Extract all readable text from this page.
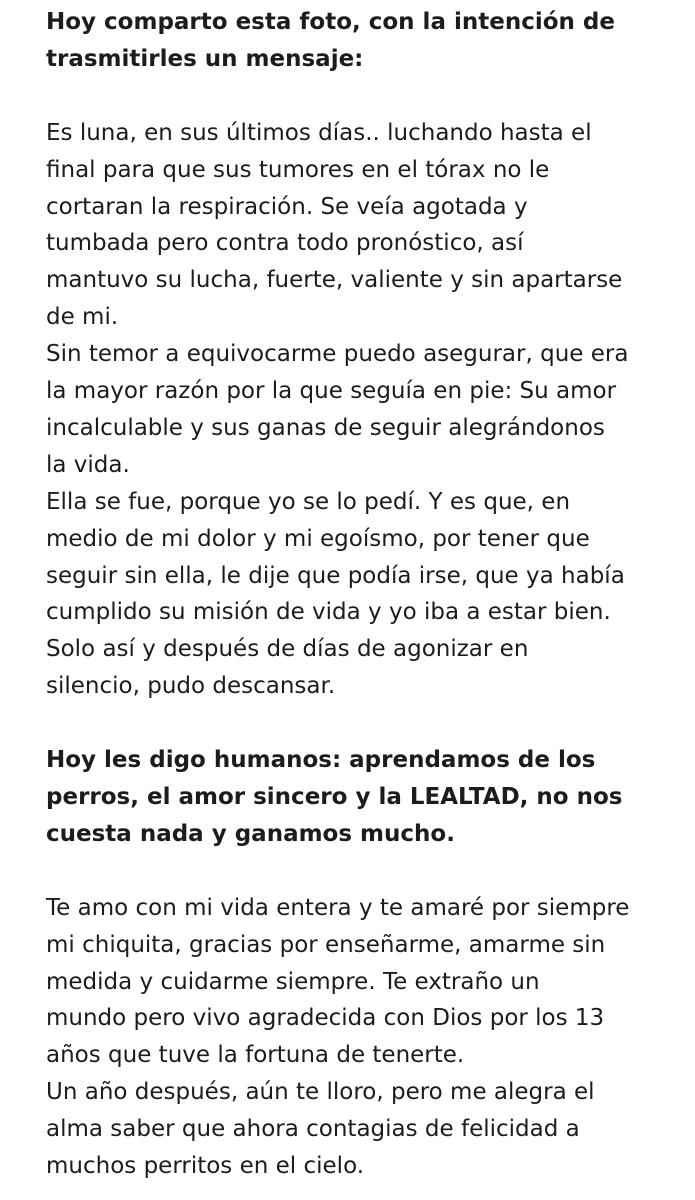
Hoy comparto esta foto, con la intención de
trasmitirles un mensaje:
Es luna, en sus últimos días.. luchando hasta el
final para que sus tumores en el tórax no le
cortaran la respiración. Se veía agotada y
tumbada pero contra todo pronóstico, así
mantuvo su lucha, fuerte, valiente y sin apartarse
de mi.
Sin temor a equivocarme puedo asegurar, que era
la mayor razón por la que seguía en pie: Su amor
incalculable y sus ganas de seguir alegrándonos
la vida.
Ella se fue, porque yo se lo pedí. Y es que, en
medio de mi dolor y mi egoísmo, por tener que
seguir sin ella, le dije que podía irse, que ya había
cumplido su misión de vida y yo iba a estar bien.
Solo así y después de días de agonizar en
silencio, pudo descansar.
Hoy les digo humanos: aprendamos de los
perros, el amor sincero y la LEALTAD, no nos
cuesta nada y ganamos mucho.
Te amo con mi vida entera y te amaré por siempre
mi chiquita, gracias por enseñarme, amarme sin
medida y cuidarme siempre. Te extraño un
mundo pero vivo agradecida con Dios por los 13
años que tuve la fortuna de tenerte.
Un año después, aún te lloro, pero me alegra el
alma saber que ahora contagias de felicidad a
muchos perritos en el cielo.
